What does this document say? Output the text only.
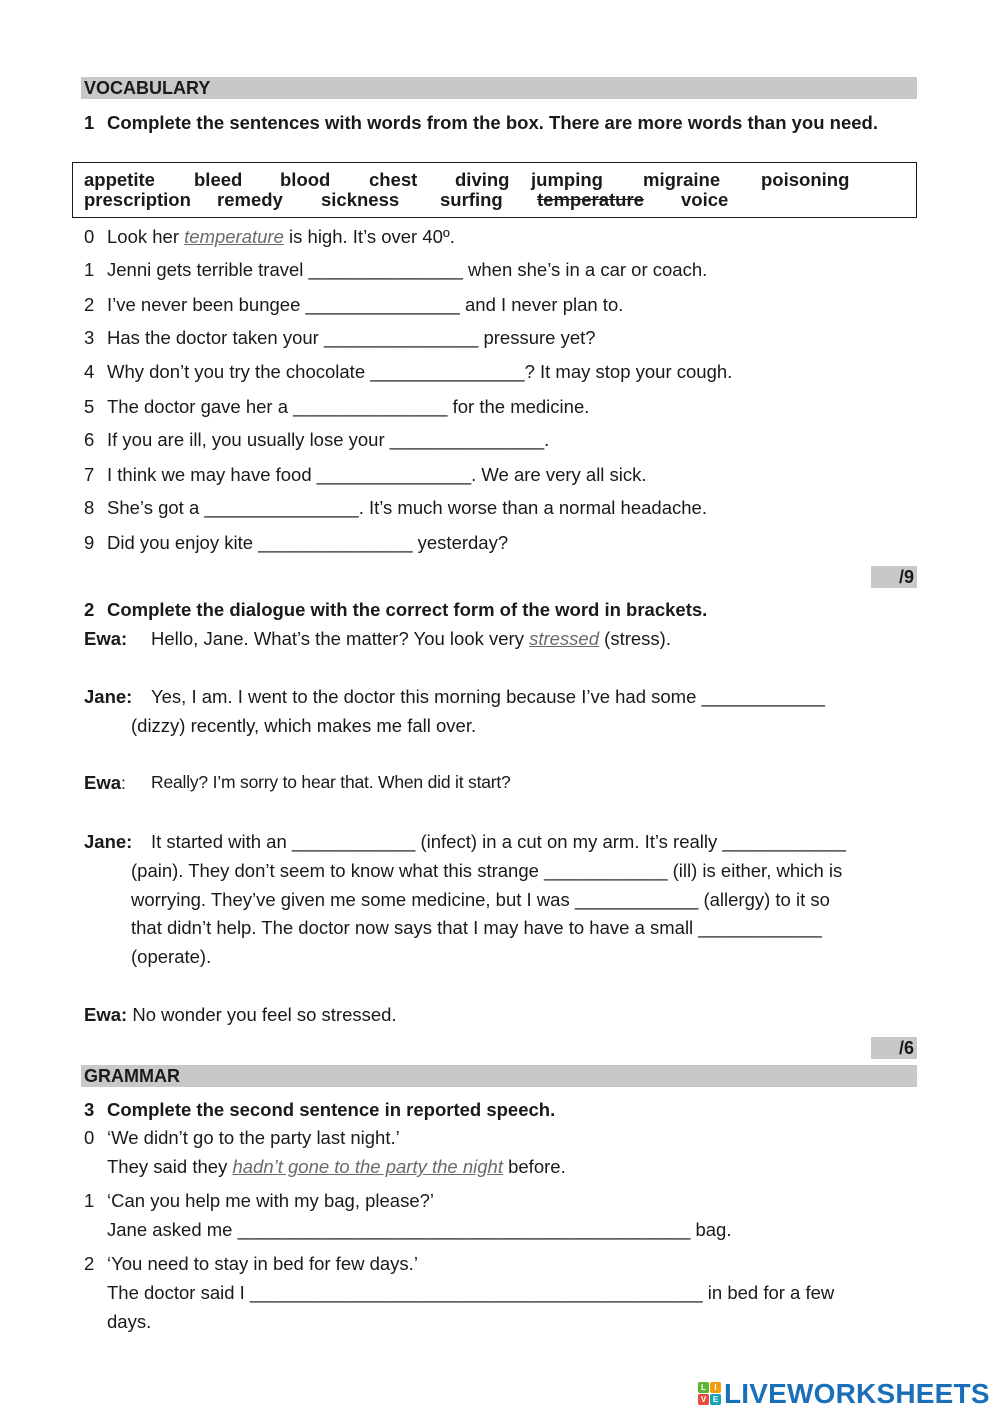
VOCABULARY
1 Complete the sentences with words from the box. There are more words than you need.
appetite bleed blood chest diving jumping migraine poisoning
prescription remedy sickness surfing temperature voice
0 Look her temperature is high. It’s over 40º.
1 Jenni gets terrible travel _______________ when she’s in a car or coach.
2 I’ve never been bungee _______________ and I never plan to.
3 Has the doctor taken your _______________ pressure yet?
4 Why don’t you try the chocolate _______________? It may stop your cough.
5 The doctor gave her a _______________ for the medicine.
6 If you are ill, you usually lose your _______________.
7 I think we may have food _______________. We are very all sick.
8 She’s got a _______________. It’s much worse than a normal headache.
9 Did you enjoy kite _______________ yesterday?
/9
2 Complete the dialogue with the correct form of the word in brackets.
Ewa: Hello, Jane. What’s the matter? You look very stressed (stress).
Jane: Yes, I am. I went to the doctor this morning because I’ve had some ____________
(dizzy) recently, which makes me fall over.
Ewa: Really? I’m sorry to hear that. When did it start?
Jane: It started with an ____________ (infect) in a cut on my arm. It’s really ____________
(pain). They don’t seem to know what this strange ____________ (ill) is either, which is
worrying. They’ve given me some medicine, but I was ____________ (allergy) to it so
that didn’t help. The doctor now says that I may have to have a small ____________
(operate).
Ewa: No wonder you feel so stressed.
/6
GRAMMAR
3 Complete the second sentence in reported speech.
0 ‘We didn’t go to the party last night.’
They said they hadn’t gone to the party the night before.
1 ‘Can you help me with my bag, please?’
Jane asked me ____________________________________________ bag.
2 ‘You need to stay in bed for few days.’
The doctor said I ____________________________________________ in bed for a few
days.
L	I
V E LIVEWORKSHEETS
